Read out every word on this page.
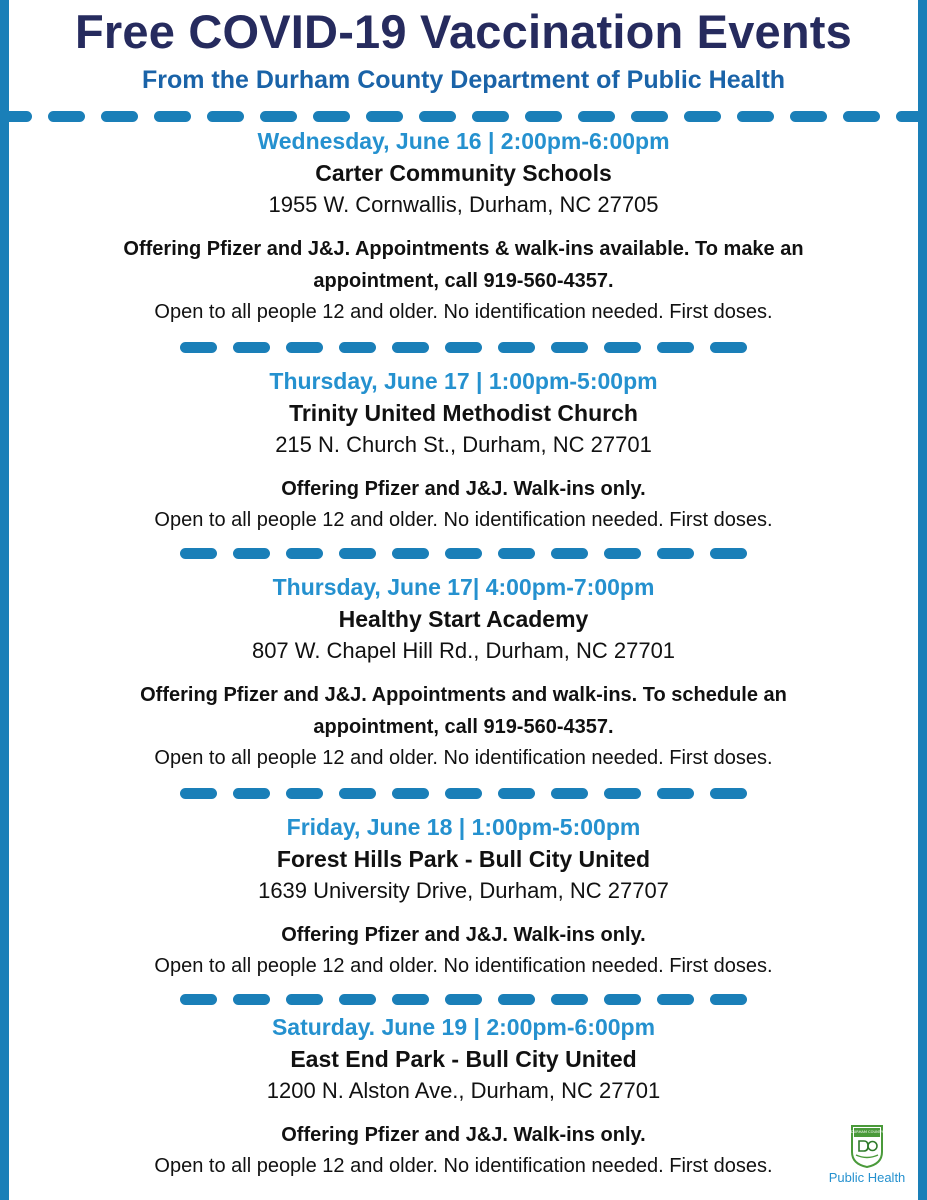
Free COVID-19 Vaccination Events
From the Durham County Department of Public Health
Wednesday, June 16 | 2:00pm-6:00pm
Carter Community Schools
1955 W. Cornwallis, Durham, NC 27705
Offering Pfizer and J&J. Appointments & walk-ins available. To make an appointment, call 919-560-4357.
Open to all people 12 and older. No identification needed. First doses.
Thursday, June 17 | 1:00pm-5:00pm
Trinity United Methodist Church
215 N. Church St., Durham, NC 27701
Offering Pfizer and J&J. Walk-ins only.
Open to all people 12 and older. No identification needed. First doses.
Thursday, June 17| 4:00pm-7:00pm
Healthy Start Academy
807 W. Chapel Hill Rd., Durham, NC 27701
Offering Pfizer and J&J. Appointments and walk-ins. To schedule an appointment, call 919-560-4357.
Open to all people 12 and older. No identification needed. First doses.
Friday, June 18 | 1:00pm-5:00pm
Forest Hills Park - Bull City United
1639 University Drive, Durham, NC 27707
Offering Pfizer and J&J. Walk-ins only.
Open to all people 12 and older. No identification needed. First doses.
Saturday. June 19 | 2:00pm-6:00pm
East End Park - Bull City United
1200 N. Alston Ave., Durham, NC 27701
Offering Pfizer and J&J. Walk-ins only.
Open to all people 12 and older. No identification needed. First doses.
DURHAM COUNTY
Public Health
